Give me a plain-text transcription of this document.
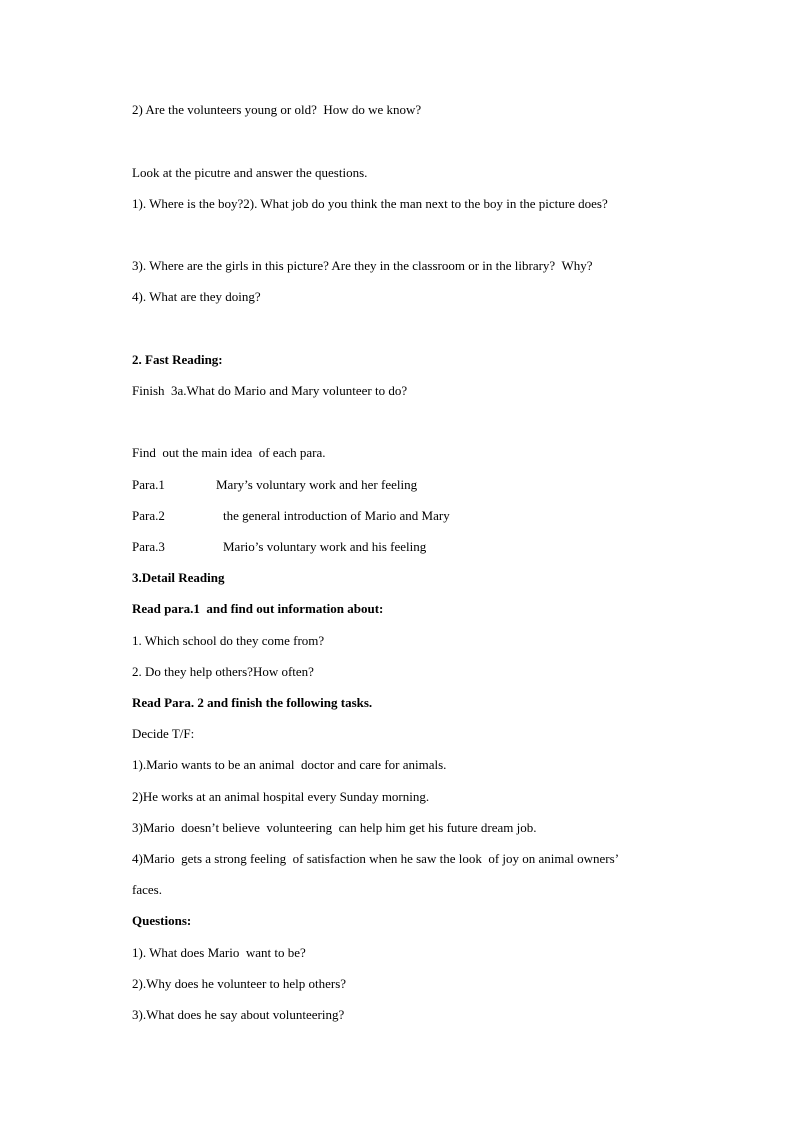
2) Are the volunteers young or old?  How do we know?
Look at the picutre and answer the questions.
1). Where is the boy?2). What job do you think the man next to the boy in the picture does?
3). Where are the girls in this picture? Are they in the classroom or in the library?  Why?
4). What are they doing?
2. Fast Reading:
Finish  3a.What do Mario and Mary volunteer to do?
Find  out the main idea  of each para.
Para.1	Mary’s voluntary work and her feeling
Para.2	the general introduction of Mario and Mary
Para.3	Mario’s voluntary work and his feeling
3.Detail Reading
Read para.1  and find out information about:
1. Which school do they come from?
2. Do they help others?How often?
Read Para. 2 and finish the following tasks.
Decide T/F:
1).Mario wants to be an animal  doctor and care for animals.
2)He works at an animal hospital every Sunday morning.
3)Mario  doesn’t believe  volunteering  can help him get his future dream job.
4)Mario  gets a strong feeling  of satisfaction when he saw the look  of joy on animal owners’
faces.
Questions:
1). What does Mario  want to be?
2).Why does he volunteer to help others?
3).What does he say about volunteering?
